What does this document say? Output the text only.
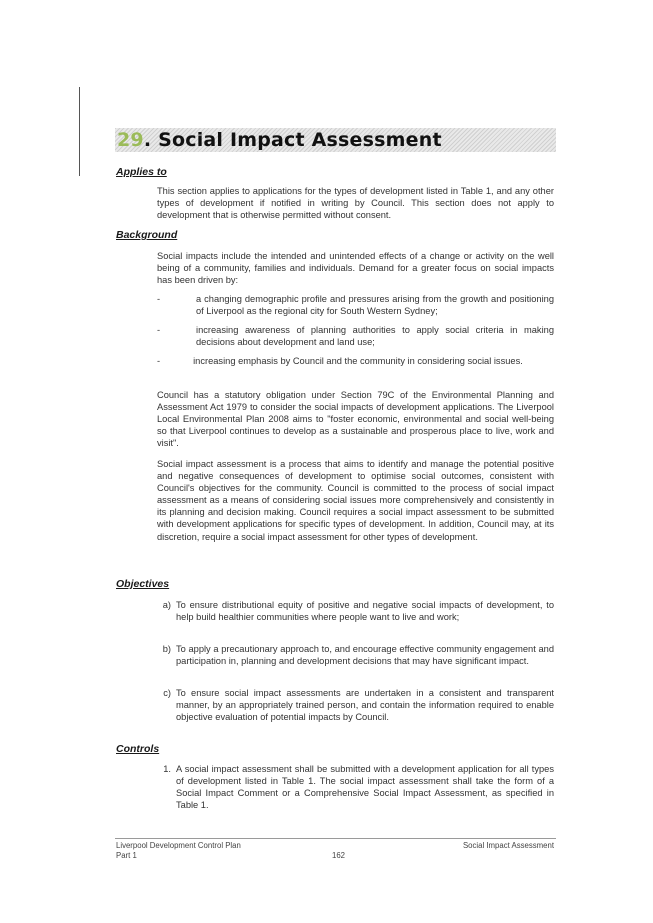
29. Social Impact Assessment
Applies to
This section applies to applications for the types of development listed in Table 1, and any other types of development if notified in writing by Council. This section does not apply to development that is otherwise permitted without consent.
Background
Social impacts include the intended and unintended effects of a change or activity on the well being of a community, families and individuals. Demand for a greater focus on social impacts has been driven by:
-	a changing demographic profile and pressures arising from the growth and positioning of Liverpool as the regional city for South Western Sydney;
-	increasing awareness of planning authorities to apply social criteria in making decisions about development and land use;
-	increasing emphasis by Council and the community in considering social issues.
Council has a statutory obligation under Section 79C of the Environmental Planning and Assessment Act 1979 to consider the social impacts of development applications. The Liverpool Local Environmental Plan 2008 aims to "foster economic, environmental and social well-being so that Liverpool continues to develop as a sustainable and prosperous place to live, work and visit".
Social impact assessment is a process that aims to identify and manage the potential positive and negative consequences of development to optimise social outcomes, consistent with Council's objectives for the community. Council is committed to the process of social impact assessment as a means of considering social issues more comprehensively and consistently in its planning and decision making. Council requires a social impact assessment to be submitted with development applications for specific types of development. In addition, Council may, at its discretion, require a social impact assessment for other types of development.
Objectives
a) To ensure distributional equity of positive and negative social impacts of development, to help build healthier communities where people want to live and work;
b) To apply a precautionary approach to, and encourage effective community engagement and participation in, planning and development decisions that may have significant impact.
c) To ensure social impact assessments are undertaken in a consistent and transparent manner, by an appropriately trained person, and contain the information required to enable objective evaluation of potential impacts by Council.
Controls
1. A social impact assessment shall be submitted with a development application for all types of development listed in Table 1. The social impact assessment shall take the form of a Social Impact Comment or a Comprehensive Social Impact Assessment, as specified in Table 1.
Liverpool Development Control Plan
Part 1	162
Social Impact Assessment
